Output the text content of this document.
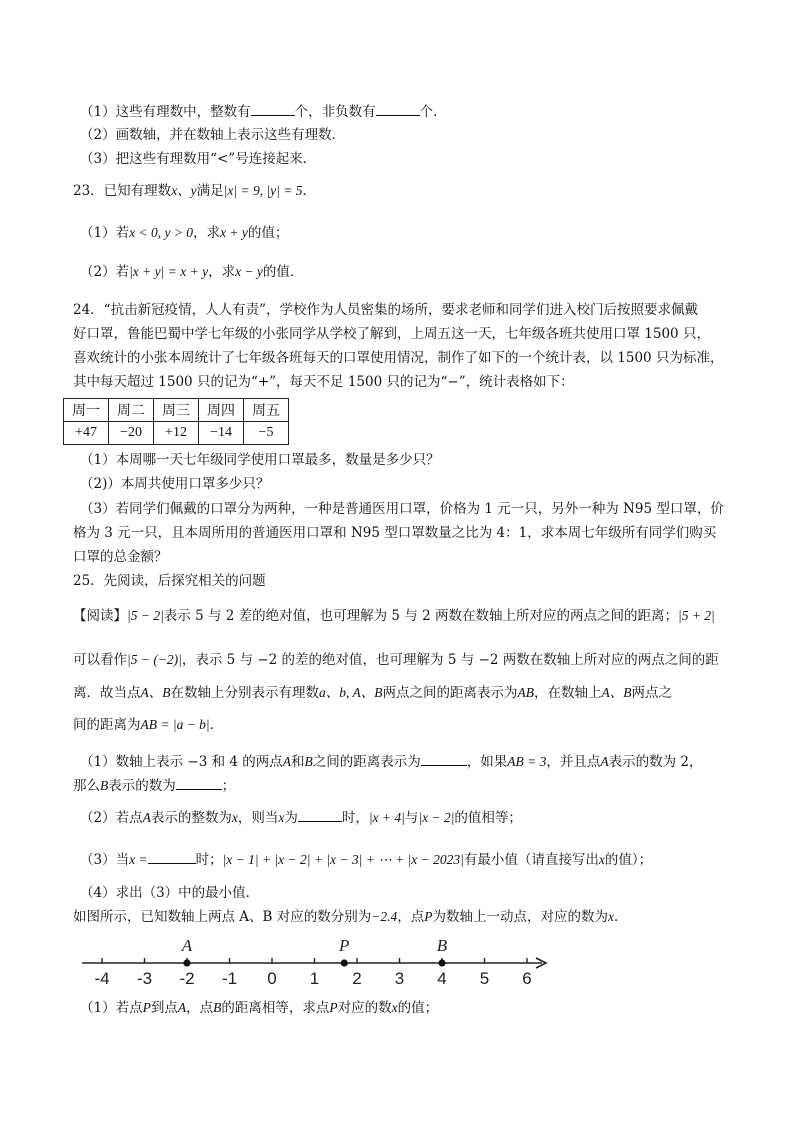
（1）这些有理数中，整数有	个，非负数有	个．
（2）画数轴，并在数轴上表示这些有理数．
（3）把这些有理数用“<”号连接起来．
23．已知有理数x、y满足|x| = 9, |y| = 5．
（1）若x < 0, y > 0，求x + y的值；
（2）若|x + y| = x + y，求x − y的值．
24．“抗击新冠疫情，人人有责”，学校作为人员密集的场所，要求老师和同学们进入校门后按照要求佩戴
好口罩，鲁能巴蜀中学七年级的小张同学从学校了解到，上周五这一天，七年级各班共使用口罩 1500 只，
喜欢统计的小张本周统计了七年级各班每天的口罩使用情况，制作了如下的一个统计表，以 1500 只为标准，
其中每天超过 1500 只的记为“+”，每天不足 1500 只的记为“−”，统计表格如下：
周一	周二	周三	周四	周五
+47	−20	+12	−14	−5
（1）本周哪一天七年级同学使用口罩最多，数量是多少只？
（2)）本周共使用口罩多少只？
（3）若同学们佩戴的口罩分为两种，一种是普通医用口罩，价格为 1 元一只，另外一种为 N95 型口罩，价
格为 3 元一只，且本周所用的普通医用口罩和 N95 型口罩数量之比为 4：1，求本周七年级所有同学们购买
口罩的总金额？
25．先阅读，后探究相关的问题
【阅读】|5 − 2|表示 5 与 2 差的绝对值，也可理解为 5 与 2 两数在数轴上所对应的两点之间的距离；|5 + 2|
可以看作|5 − (−2)|，表示 5 与 −2 的差的绝对值，也可理解为 5 与 −2 两数在数轴上所对应的两点之间的距
离．故当点A、B在数轴上分别表示有理数a、b, A、B两点之间的距离表示为AB，在数轴上A、B两点之
间的距离为AB = |a − b|．
（1）数轴上表示 −3 和 4 的两点A和B之间的距离表示为	，如果AB = 3，并且点A表示的数为 2，
那么B表示的数为	；
（2）若点A表示的整数为x，则当x为	时，|x + 4|与|x − 2|的值相等；
（3）当x =	时；|x − 1| + |x − 2| + |x − 3| + ⋯ + |x − 2023|有最小值（请直接写出x的值）；
（4）求出（3）中的最小值．
如图所示，已知数轴上两点 A、B 对应的数分别为−2.4，点P为数轴上一动点，对应的数为x．
-4 -3 -2 -1 0 1 2 3 4 5 6
A	P	B
（1）若点P到点A，点B的距离相等，求点P对应的数x的值；
